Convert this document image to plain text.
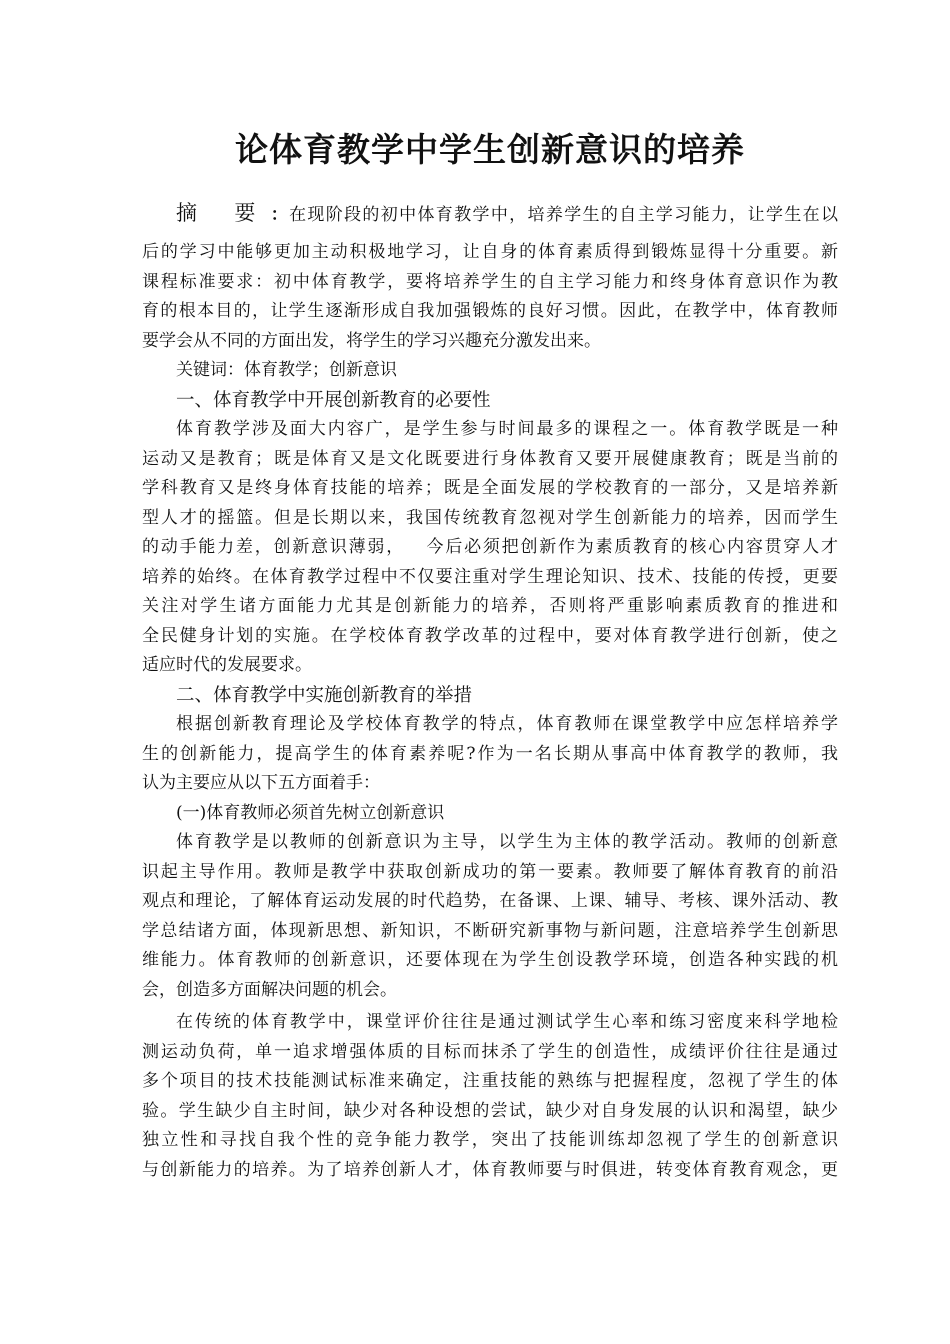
论体育教学中学生创新意识的培养
摘 要：在现阶段的初中体育教学中，培养学生的自主学习能力，让学生在以
后的学习中能够更加主动积极地学习，让自身的体育素质得到锻炼显得十分重要。新
课程标准要求：初中体育教学，要将培养学生的自主学习能力和终身体育意识作为教
育的根本目的，让学生逐渐形成自我加强锻炼的良好习惯。因此，在教学中，体育教师
要学会从不同的方面出发，将学生的学习兴趣充分激发出来。
关键词：体育教学；创新意识
一、体育教学中开展创新教育的必要性
体育教学涉及面大内容广，是学生参与时间最多的课程之一。体育教学既是一种
运动又是教育；既是体育又是文化既要进行身体教育又要开展健康教育；既是当前的
学科教育又是终身体育技能的培养；既是全面发展的学校教育的一部分，又是培养新
型人才的摇篮。但是长期以来，我国传统教育忽视对学生创新能力的培养，因而学生
的动手能力差，创新意识薄弱，   今后必须把创新作为素质教育的核心内容贯穿人才
培养的始终。在体育教学过程中不仅要注重对学生理论知识、技术、技能的传授，更要
关注对学生诸方面能力尤其是创新能力的培养，否则将严重影响素质教育的推进和
全民健身计划的实施。在学校体育教学改革的过程中，要对体育教学进行创新，使之
适应时代的发展要求。
二、体育教学中实施创新教育的举措
根据创新教育理论及学校体育教学的特点，体育教师在课堂教学中应怎样培养学
生的创新能力，提高学生的体育素养呢?作为一名长期从事高中体育教学的教师，我
认为主要应从以下五方面着手：
(一)体育教师必须首先树立创新意识
体育教学是以教师的创新意识为主导，以学生为主体的教学活动。教师的创新意
识起主导作用。教师是教学中获取创新成功的第一要素。教师要了解体育教育的前沿
观点和理论，了解体育运动发展的时代趋势，在备课、上课、辅导、考核、课外活动、教
学总结诸方面，体现新思想、新知识，不断研究新事物与新问题，注意培养学生创新思
维能力。体育教师的创新意识，还要体现在为学生创设教学环境，创造各种实践的机
会，创造多方面解决问题的机会。
在传统的体育教学中，课堂评价往往是通过测试学生心率和练习密度来科学地检
测运动负荷，单一追求增强体质的目标而抹杀了学生的创造性，成绩评价往往是通过
多个项目的技术技能测试标准来确定，注重技能的熟练与把握程度，忽视了学生的体
验。学生缺少自主时间，缺少对各种设想的尝试，缺少对自身发展的认识和渴望，缺少
独立性和寻找自我个性的竞争能力教学，突出了技能训练却忽视了学生的创新意识
与创新能力的培养。为了培养创新人才，体育教师要与时俱进，转变体育教育观念，更
